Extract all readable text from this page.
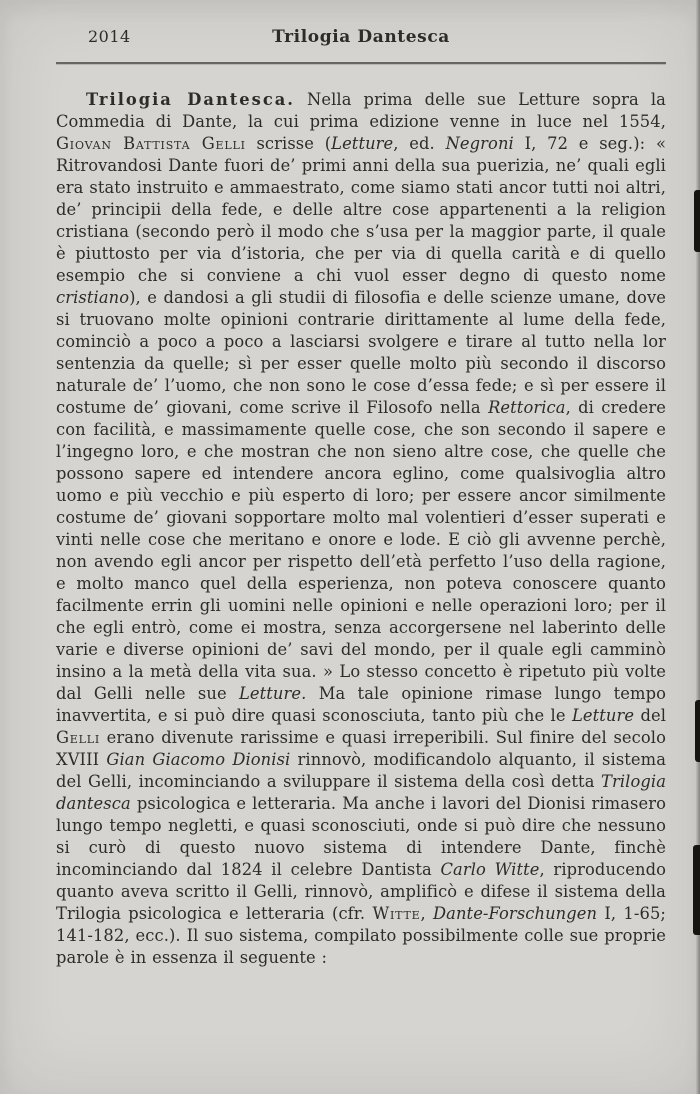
2014	Trilogia Dantesca

Trilogia Dantesca. Nella prima delle sue Letture sopra la Commedia di Dante, la cui prima edizione venne in luce nel 1554, Giovan Battista Gelli scrisse (Letture, ed. Negroni I, 72 e seg.): « Ritrovandosi Dante fuori de’ primi anni della sua puerizia, ne’ quali egli era stato instruito e ammaestrato, come siamo stati ancor tutti noi altri, de’ principii della fede, e delle altre cose appartenenti a la religion cristiana (secondo però il modo che s’usa per la maggior parte, il quale è piuttosto per via d’istoria, che per via di quella carità e di quello esempio che si conviene a chi vuol esser degno di questo nome cristiano), e dandosi a gli studii di filosofia e delle scienze umane, dove si truovano molte opinioni contrarie dirittamente al lume della fede, cominciò a poco a poco a lasciarsi svolgere e tirare al tutto nella lor sentenzia da quelle; sì per esser quelle molto più secondo il discorso naturale de’ l’uomo, che non sono le cose d’essa fede; e sì per essere il costume de’ giovani, come scrive il Filosofo nella Rettorica, di credere con facilità, e massimamente quelle cose, che son secondo il sapere e l’ingegno loro, e che mostran che non sieno altre cose, che quelle che possono sapere ed intendere ancora eglino, come qualsivoglia altro uomo e più vecchio e più esperto di loro; per essere ancor similmente costume de’ giovani sopportare molto mal volentieri d’esser superati e vinti nelle cose che meritano e onore e lode. E ciò gli avvenne perchè, non avendo egli ancor per rispetto dell’età perfetto l’uso della ragione, e molto manco quel della esperienza, non poteva conoscere quanto facilmente errin gli uomini nelle opinioni e nelle operazioni loro; per il che egli entrò, come ei mostra, senza accorgersene nel laberinto delle varie e diverse opinioni de’ savi del mondo, per il quale egli camminò insino a la metà della vita sua. » Lo stesso concetto è ripetuto più volte dal Gelli nelle sue Letture. Ma tale opinione rimase lungo tempo inavvertita, e si può dire quasi sconosciuta, tanto più che le Letture del Gelli erano divenute rarissime e quasi irreperibili. Sul finire del secolo XVIII Gian Giacomo Dionisi rinnovò, modificandolo alquanto, il sistema del Gelli, incominciando a sviluppare il sistema della così detta Trilogia dantesca psicologica e letteraria. Ma anche i lavori del Dionisi rimasero lungo tempo negletti, e quasi sconosciuti, onde si può dire che nessuno si curò di questo nuovo sistema di intendere Dante, finchè incominciando dal 1824 il celebre Dantista Carlo Witte, riproducendo quanto aveva scritto il Gelli, rinnovò, amplificò e difese il sistema della Trilogia psicologica e letteraria (cfr. Witte, Dante-Forschungen I, 1-65; 141-182, ecc.). Il suo sistema, compilato possibilmente colle sue proprie parole è in essenza il seguente :
